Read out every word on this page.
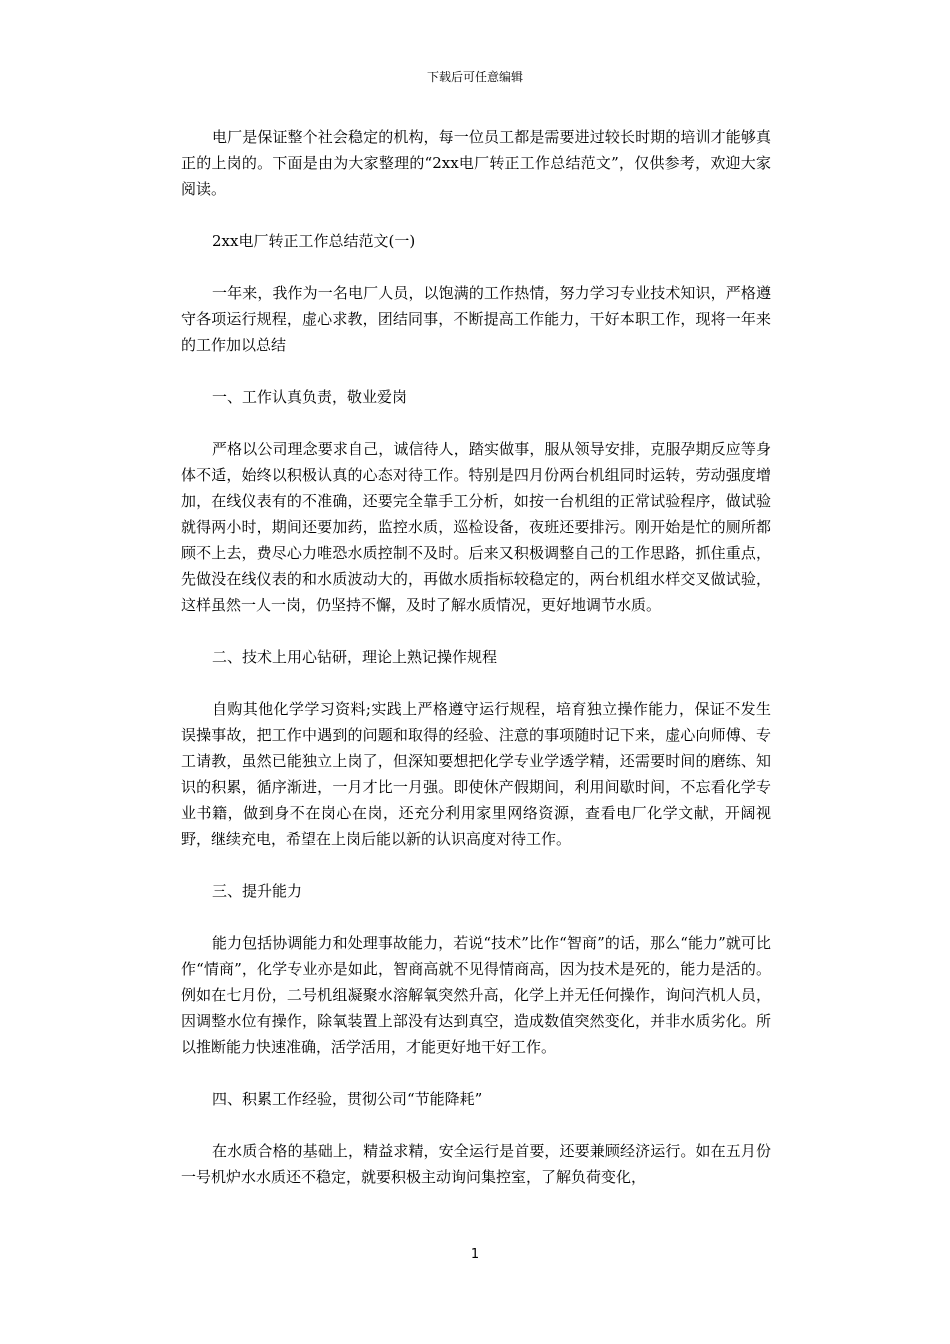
下载后可任意编辑

电厂是保证整个社会稳定的机构，每一位员工都是需要进过较长时期的培训才能够真正的上岗的。下面是由为大家整理的“2xx电厂转正工作总结范文”，仅供参考，欢迎大家阅读。

2xx电厂转正工作总结范文(一)

一年来，我作为一名电厂人员，以饱满的工作热情，努力学习专业技术知识，严格遵守各项运行规程，虚心求教，团结同事，不断提高工作能力，干好本职工作，现将一年来的工作加以总结

一、工作认真负责，敬业爱岗

严格以公司理念要求自己，诚信待人，踏实做事，服从领导安排，克服孕期反应等身体不适，始终以积极认真的心态对待工作。特别是四月份两台机组同时运转，劳动强度增加，在线仪表有的不准确，还要完全靠手工分析，如按一台机组的正常试验程序，做试验就得两小时，期间还要加药，监控水质，巡检设备，夜班还要排污。刚开始是忙的厕所都顾不上去，费尽心力唯恐水质控制不及时。后来又积极调整自己的工作思路，抓住重点，先做没在线仪表的和水质波动大的，再做水质指标较稳定的，两台机组水样交叉做试验，这样虽然一人一岗，仍坚持不懈，及时了解水质情况，更好地调节水质。

二、技术上用心钻研，理论上熟记操作规程

自购其他化学学习资料;实践上严格遵守运行规程，培育独立操作能力，保证不发生误操事故，把工作中遇到的问题和取得的经验、注意的事项随时记下来，虚心向师傅、专工请教，虽然已能独立上岗了，但深知要想把化学专业学透学精，还需要时间的磨练、知识的积累，循序渐进，一月才比一月强。即使休产假期间，利用间歇时间，不忘看化学专业书籍，做到身不在岗心在岗，还充分利用家里网络资源，查看电厂化学文献，开阔视野，继续充电，希望在上岗后能以新的认识高度对待工作。

三、提升能力

能力包括协调能力和处理事故能力，若说“技术”比作“智商”的话，那么“能力”就可比作“情商”，化学专业亦是如此，智商高就不见得情商高，因为技术是死的，能力是活的。例如在七月份，二号机组凝聚水溶解氧突然升高，化学上并无任何操作，询问汽机人员，因调整水位有操作，除氧装置上部没有达到真空，造成数值突然变化，并非水质劣化。所以推断能力快速准确，活学活用，才能更好地干好工作。

四、积累工作经验，贯彻公司“节能降耗”

在水质合格的基础上，精益求精，安全运行是首要，还要兼顾经济运行。如在五月份一号机炉水水质还不稳定，就要积极主动询问集控室，了解负荷变化，

1
